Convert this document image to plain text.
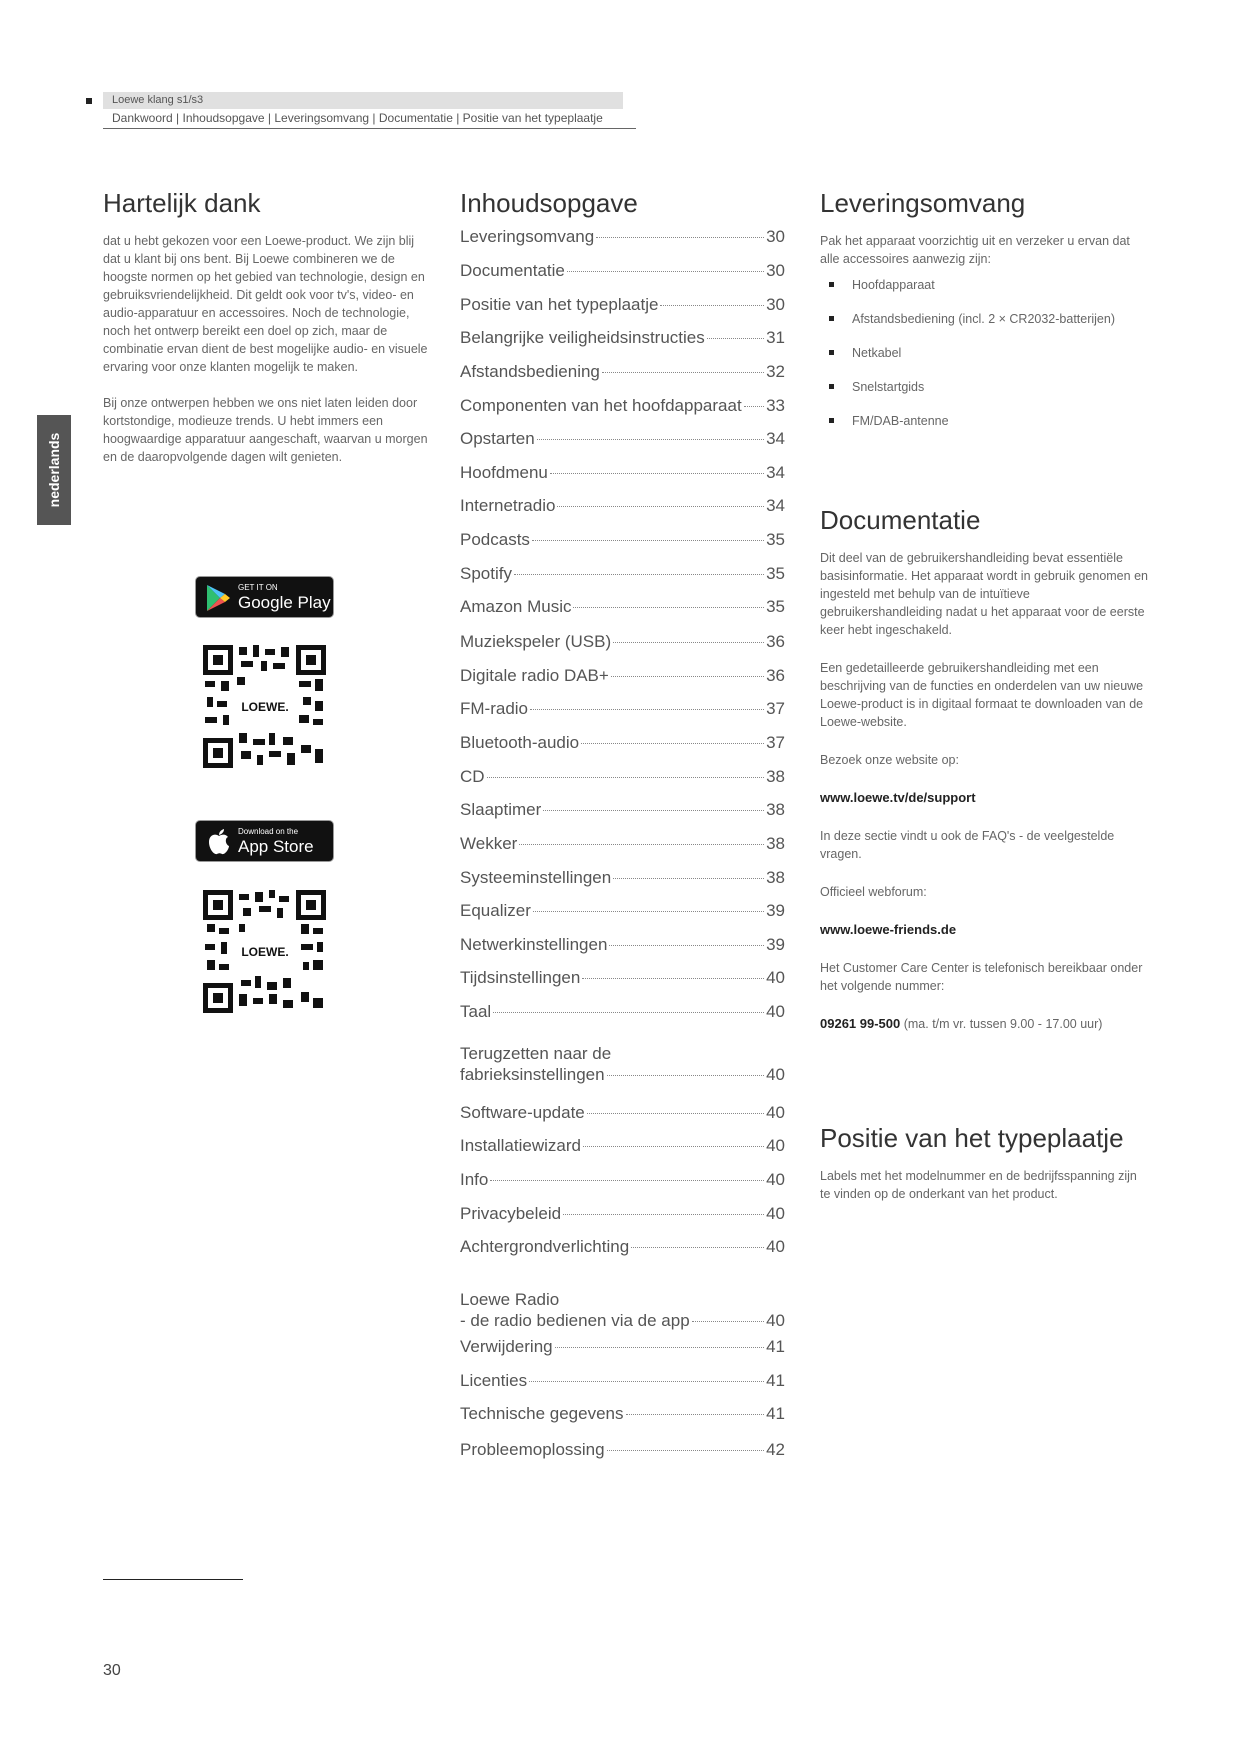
Loewe klang s1/s3
Dankwoord | Inhoudsopgave | Leveringsomvang | Documentatie | Positie van het typeplaatje
nederlands
Hartelijk dank

dat u hebt gekozen voor een Loewe-product. We zijn blij dat u klant bij ons bent. Bij Loewe combineren we de hoogste normen op het gebied van technologie, design en gebruiksvriendelijkheid. Dit geldt ook voor tv's, video- en audio-apparatuur en accessoires. Noch de technologie, noch het ontwerp bereikt een doel op zich, maar de combinatie ervan dient de best mogelijke audio- en visuele ervaring voor onze klanten mogelijk te maken.

Bij onze ontwerpen hebben we ons niet laten leiden door kortstondige, modieuze trends. U hebt immers een hoogwaardige apparatuur aangeschaft, waarvan u morgen en de daaropvolgende dagen wilt genieten.

GET IT ON
Google Play
LOEWE.
Download on the
App Store
LOEWE.
Inhoudsopgave
Leveringsomvang	30
Documentatie	30
Positie van het typeplaatje	30
Belangrijke veiligheidsinstructies	31
Afstandsbediening	32
Componenten van het hoofdapparaat 33
Opstarten	34
Hoofdmenu	34
Internetradio	34
Podcasts	35
Spotify	35
Amazon Music	35
Muziekspeler (USB)	36
Digitale radio DAB+	36
FM-radio	37
Bluetooth-audio	37
CD	38
Slaaptimer	38
Wekker	38
Systeeminstellingen	38
Equalizer	39
Netwerkinstellingen	39
Tijdsinstellingen	40
Taal	40
Terugzetten naar de
fabrieksinstellingen	40
Software-update	40
Installatiewizard	40
Info	40
Privacybeleid	40
Achtergrondverlichting	40
Loewe Radio
- de radio bedienen via de app	40
Verwijdering	41
Licenties	41
Technische gegevens	41
Probleemoplossing	42
Leveringsomvang
Pak het apparaat voorzichtig uit en verzeker u ervan dat alle accessoires aanwezig zijn:
Hoofdapparaat
Afstandsbediening (incl. 2 × CR2032-batterijen)
Netkabel
Snelstartgids
FM/DAB-antenne
Documentatie

Dit deel van de gebruikershandleiding bevat essentiële basisinformatie. Het apparaat wordt in gebruik genomen en ingesteld met behulp van de intuïtieve gebruikershandleiding nadat u het apparaat voor de eerste keer hebt ingeschakeld.

Een gedetailleerde gebruikershandleiding met een beschrijving van de functies en onderdelen van uw nieuwe Loewe-product is in digitaal formaat te downloaden van de Loewe-website.

Bezoek onze website op:

www.loewe.tv/de/support

In deze sectie vindt u ook de FAQ's - de veelgestelde vragen.

Officieel webforum:

www.loewe-friends.de

Het Customer Care Center is telefonisch bereikbaar onder het volgende nummer:

09261 99-500 (ma. t/m vr. tussen 9.00 - 17.00 uur)

Positie van het typeplaatje
Labels met het modelnummer en de bedrijfsspanning zijn te vinden op de onderkant van het product.
30
